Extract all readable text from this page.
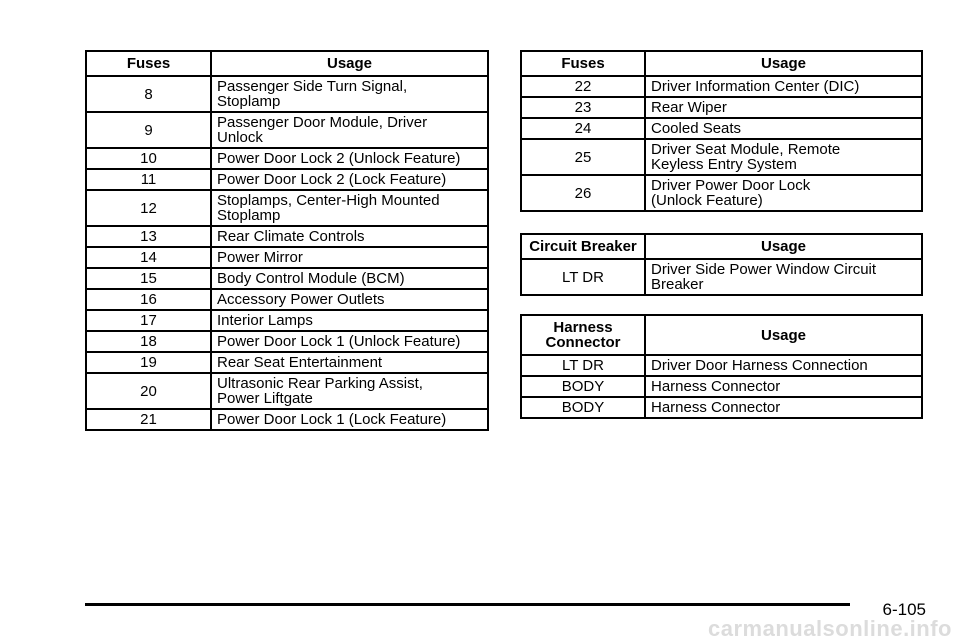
Fuses	Usage
8	Passenger Side Turn Signal,
Stoplamp
9	Passenger Door Module, Driver
Unlock
10	Power Door Lock 2 (Unlock Feature)
11	Power Door Lock 2 (Lock Feature)
12	Stoplamps, Center-High Mounted
Stoplamp
13	Rear Climate Controls
14	Power Mirror
15	Body Control Module (BCM)
16	Accessory Power Outlets
17	Interior Lamps
18	Power Door Lock 1 (Unlock Feature)
19	Rear Seat Entertainment
20	Ultrasonic Rear Parking Assist,
Power Liftgate
21	Power Door Lock 1 (Lock Feature)
Fuses	Usage
22	Driver Information Center (DIC)
23	Rear Wiper
24	Cooled Seats
25	Driver Seat Module, Remote
Keyless Entry System
26	Driver Power Door Lock
(Unlock Feature)
Circuit Breaker	Usage
LT DR	Driver Side Power Window Circuit
Breaker
Harness
Connector	Usage
LT DR	Driver Door Harness Connection
BODY	Harness Connector
BODY	Harness Connector
6-105
carmanualsonline.info
